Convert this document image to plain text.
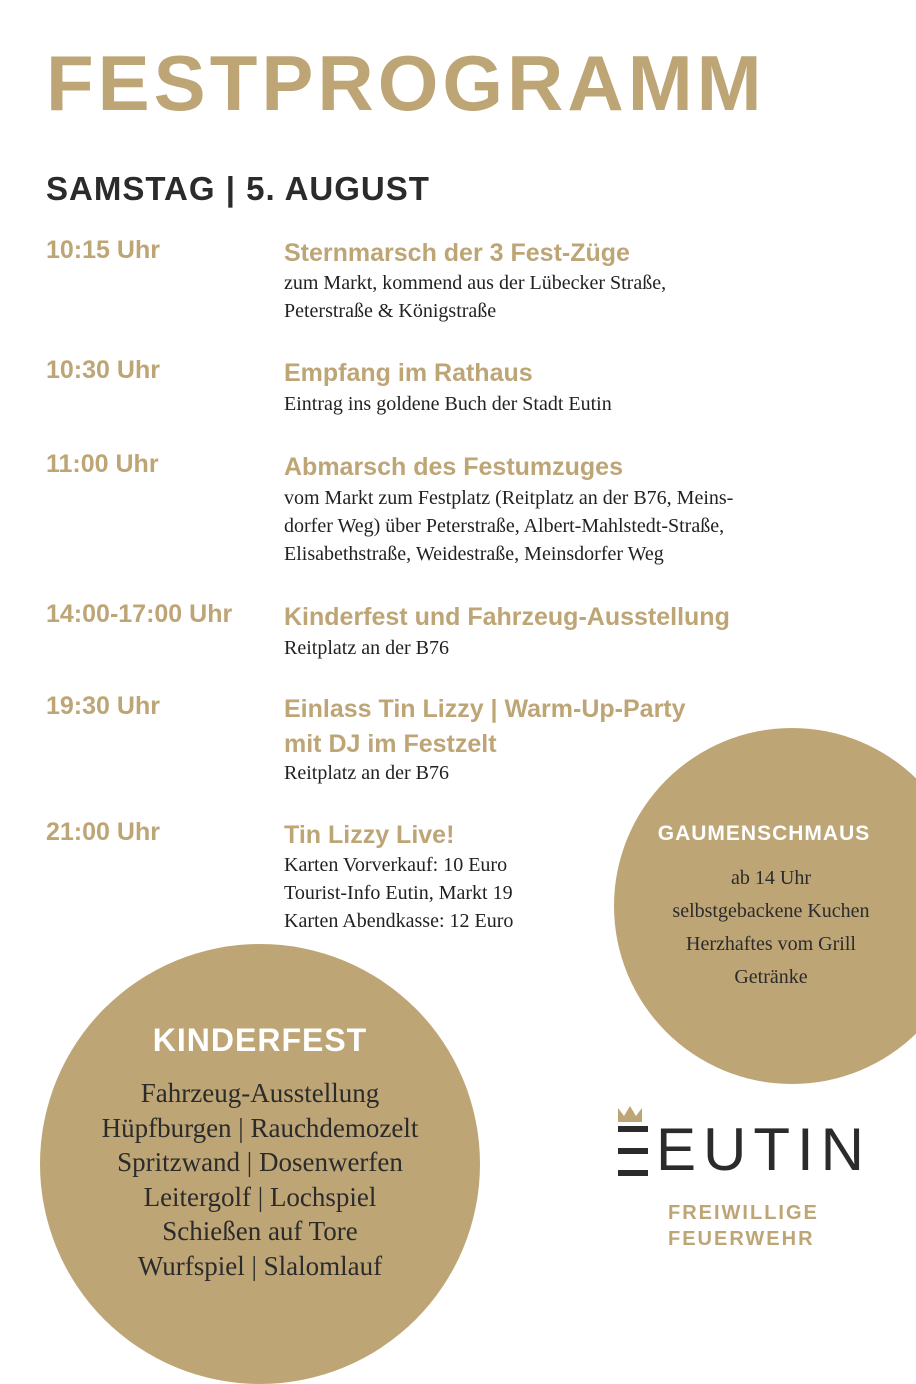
FESTPROGRAMM
SAMSTAG | 5. AUGUST
10:15 Uhr	Sternmarsch der 3 Fest-Züge
zum Markt, kommend aus der Lübecker Straße,
Peterstraße & Königstraße
10:30 Uhr	Empfang im Rathaus
Eintrag ins goldene Buch der Stadt Eutin
11:00 Uhr	Abmarsch des Festumzuges
vom Markt zum Festplatz (Reitplatz an der B76, Meins-
dorfer Weg) über Peterstraße, Albert-Mahlstedt-Straße,
Elisabethstraße, Weidestraße, Meinsdorfer Weg
14:00-17:00 Uhr Kinderfest und Fahrzeug-Ausstellung
Reitplatz an der B76
19:30 Uhr	Einlass Tin Lizzy | Warm-Up-Party
mit DJ im Festzelt
Reitplatz an der B76
21:00 Uhr	Tin Lizzy Live!
Karten Vorverkauf: 10 Euro
Tourist-Info Eutin, Markt 19
Karten Abendkasse: 12 Euro
GAUMENSCHMAUS
ab 14 Uhr
selbstgebackene Kuchen
Herzhaftes vom Grill
Getränke
KINDERFEST
Fahrzeug-Ausstellung
Hüpfburgen | Rauchdemozelt
Spritzwand | Dosenwerfen
Leitergolf | Lochspiel
Schießen auf Tore
Wurfspiel | Slalomlauf
EUTIN
FREIWILLIGE
FEUERWEHR
